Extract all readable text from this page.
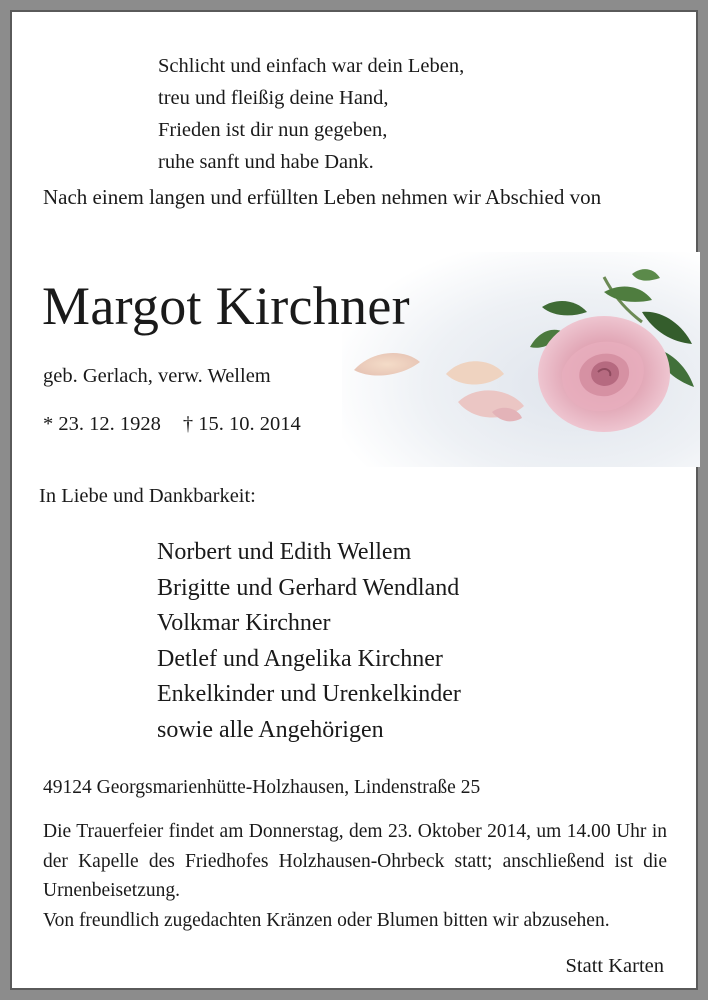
Schlicht und einfach war dein Leben,
treu und fleißig deine Hand,
Frieden ist dir nun gegeben,
ruhe sanft und habe Dank.
Nach einem langen und erfüllten Leben nehmen wir Abschied von
Margot Kirchner
geb. Gerlach, verw. Wellem
* 23. 12. 1928 † 15. 10. 2014
In Liebe und Dankbarkeit:
Norbert und Edith Wellem
Brigitte und Gerhard Wendland
Volkmar Kirchner
Detlef und Angelika Kirchner
Enkelkinder und Urenkelkinder
sowie alle Angehörigen
49124 Georgsmarienhütte-Holzhausen, Lindenstraße 25

Die Trauerfeier findet am Donnerstag, dem 23. Oktober 2014, um 14.00 Uhr in der Kapelle des Friedhofes Holzhausen-Ohrbeck statt; anschließend ist die Urnenbeisetzung.

Von freundlich zugedachten Kränzen oder Blumen bitten wir abzusehen.

Statt Karten
